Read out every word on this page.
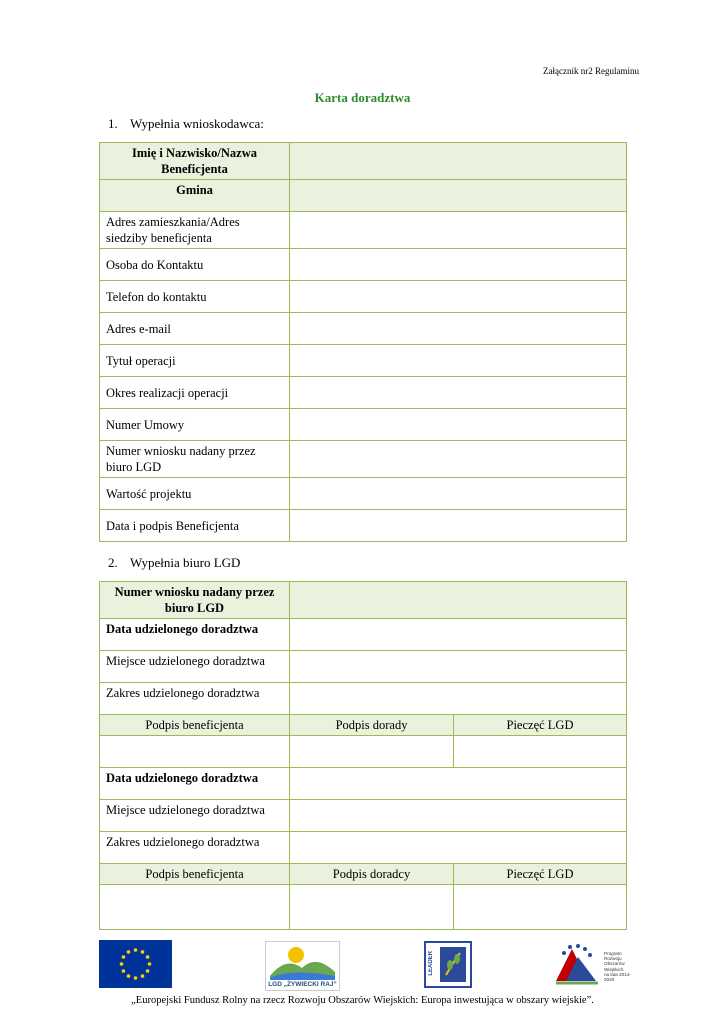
Załącznik nr2 Regulaminu
Karta doradztwa
1. Wypełnia wnioskodawca:
Imię i Nazwisko/Nazwa Beneficjenta	
Gmina	
Adres zamieszkania/Adres siedziby beneficjenta	
Osoba do Kontaktu	
Telefon do kontaktu	
Adres e-mail	
Tytuł operacji	
Okres realizacji operacji	
Numer Umowy	
Numer wniosku nadany przez biuro LGD	
Wartość projektu	
Data i podpis Beneficjenta	
2. Wypełnia biuro LGD
Numer wniosku nadany przez biuro LGD		
Data udzielonego doradztwa		
Miejsce udzielonego doradztwa		
Zakres udzielonego doradztwa		
Podpis beneficjenta	Podpis dorady	Pieczęć LGD

Data udzielonego doradztwa		
Miejsce udzielonego doradztwa		
Zakres udzielonego doradztwa		
Podpis beneficjenta	Podpis doradcy	Pieczęć LGD

LGD „ŻYWIECKI RAJ”
LEADER	Program
Rozwoju
Obszarów
Wiejskich
na lata 2014-2020
„Europejski Fundusz Rolny na rzecz Rozwoju Obszarów Wiejskich: Europa inwestująca w obszary wiejskie”.
